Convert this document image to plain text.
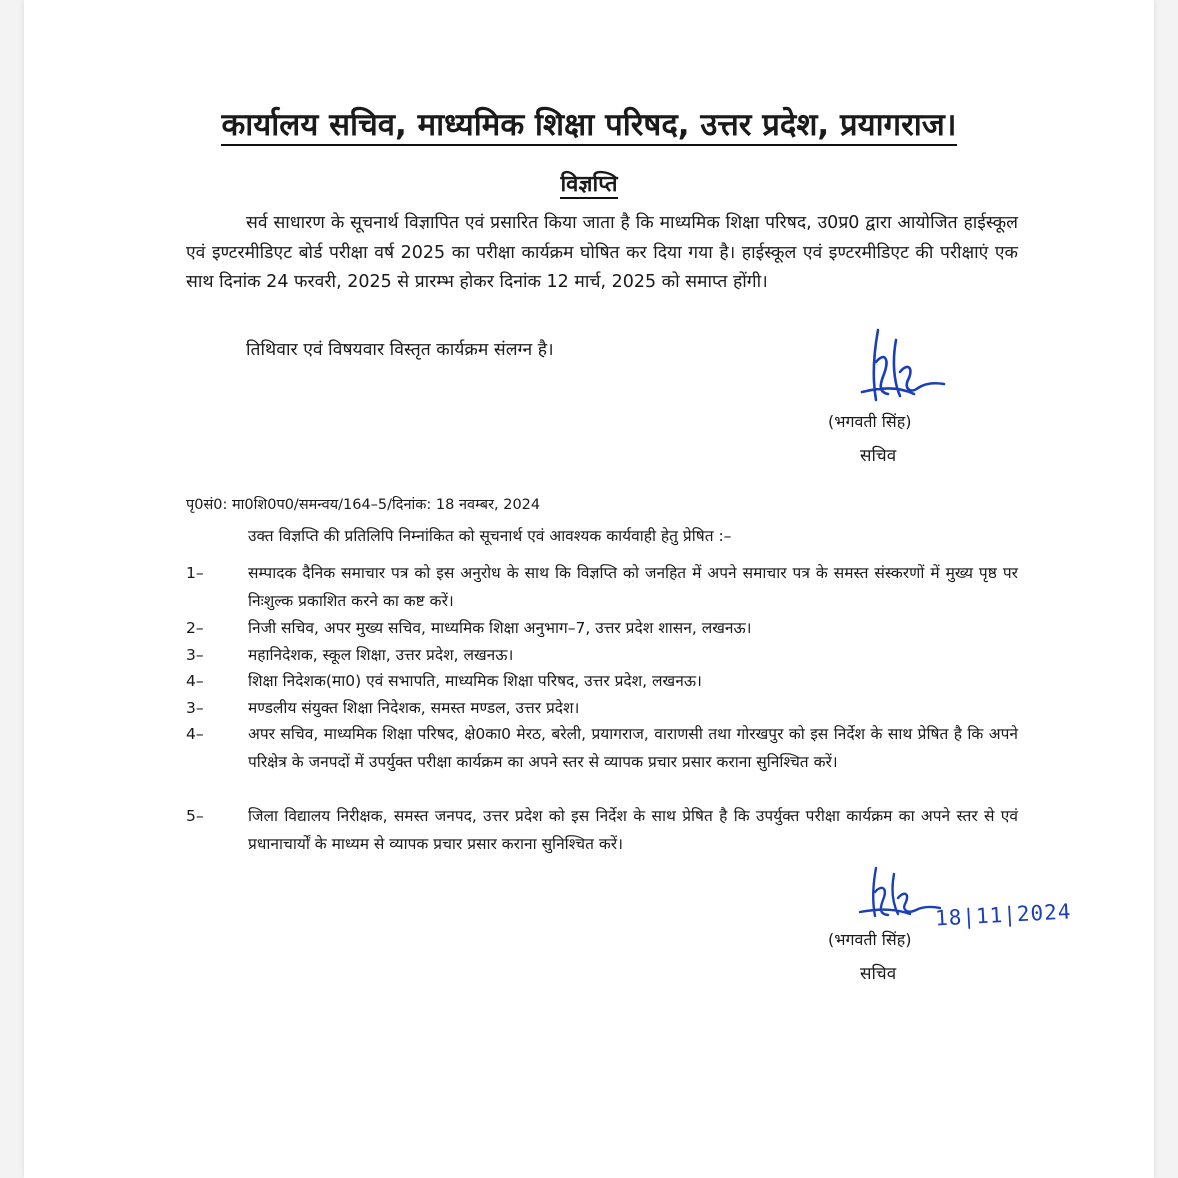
कार्यालय सचिव, माध्यमिक शिक्षा परिषद, उत्तर प्रदेश, प्रयागराज।
विज्ञप्ति

सर्व साधारण के सूचनार्थ विज्ञापित एवं प्रसारित किया जाता है कि माध्यमिक शिक्षा परिषद, उ0प्र0 द्वारा आयोजित हाईस्कूल एवं इण्टरमीडिएट बोर्ड परीक्षा वर्ष 2025 का परीक्षा कार्यक्रम घोषित कर दिया गया है। हाईस्कूल एवं इण्टरमीडिएट की परीक्षाएं एक साथ दिनांक 24 फरवरी, 2025 से प्रारम्भ होकर दिनांक 12 मार्च, 2025 को समाप्त होंगी।

तिथिवार एवं विषयवार विस्तृत कार्यक्रम संलग्न है।

(भगवती सिंह)
सचिव
पृ0सं0: मा0शि0प0/समन्वय/164–5/दिनांक: 18 नवम्बर, 2024
उक्त विज्ञप्ति की प्रतिलिपि निम्नांकित को सूचनार्थ एवं आवश्यक कार्यवाही हेतु प्रेषित :–
1–	सम्पादक दैनिक समाचार पत्र को इस अनुरोध के साथ कि विज्ञप्ति को जनहित में अपने समाचार पत्र के समस्त संस्करणों में मुख्य पृष्ठ पर निःशुल्क प्रकाशित करने का कष्ट करें।
2–	निजी सचिव, अपर मुख्य सचिव, माध्यमिक शिक्षा अनुभाग–7, उत्तर प्रदेश शासन, लखनऊ।
3–	महानिदेशक, स्कूल शिक्षा, उत्तर प्रदेश, लखनऊ।
4–	शिक्षा निदेशक(मा0) एवं सभापति, माध्यमिक शिक्षा परिषद, उत्तर प्रदेश, लखनऊ।
3–	मण्डलीय संयुक्त शिक्षा निदेशक, समस्त मण्डल, उत्तर प्रदेश।
4–	अपर सचिव, माध्यमिक शिक्षा परिषद, क्षे0का0 मेरठ, बरेली, प्रयागराज, वाराणसी तथा गोरखपुर को इस निर्देश के साथ प्रेषित है कि अपने परिक्षेत्र के जनपदों में उपर्युक्त परीक्षा कार्यक्रम का अपने स्तर से व्यापक प्रचार प्रसार कराना सुनिश्चित करें।
5–	जिला विद्यालय निरीक्षक, समस्त जनपद, उत्तर प्रदेश को इस निर्देश के साथ प्रेषित है कि उपर्युक्त परीक्षा कार्यक्रम का अपने स्तर से एवं प्रधानाचार्यों के माध्यम से व्यापक प्रचार प्रसार कराना सुनिश्चित करें।
18|11|2024
(भगवती सिंह)
सचिव
